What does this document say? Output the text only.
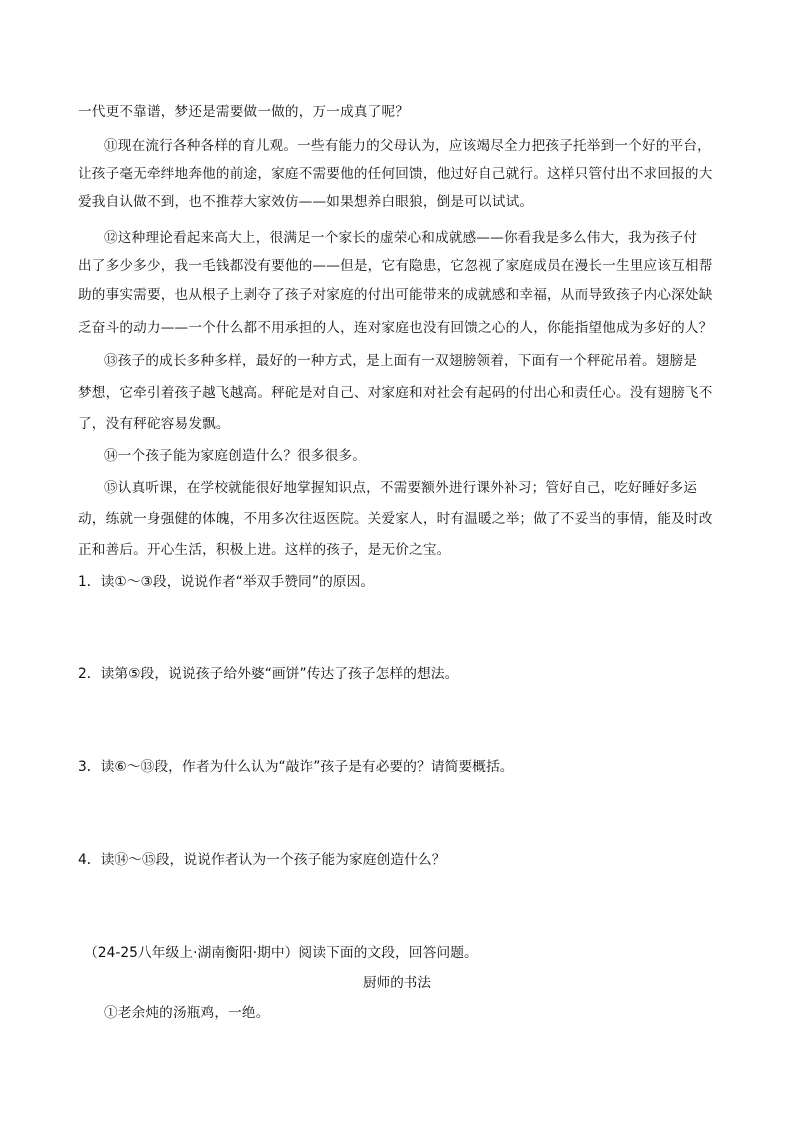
一代更不靠谱，梦还是需要做一做的，万一成真了呢？
⑪现在流行各种各样的育儿观。一些有能力的父母认为，应该竭尽全力把孩子托举到一个好的平台，
让孩子毫无牵绊地奔他的前途，家庭不需要他的任何回馈，他过好自己就行。这样只管付出不求回报的大
爱我自认做不到，也不推荐大家效仿——如果想养白眼狼，倒是可以试试。
⑫这种理论看起来高大上，很满足一个家长的虚荣心和成就感——你看我是多么伟大，我为孩子付
出了多少多少，我一毛钱都没有要他的——但是，它有隐患，它忽视了家庭成员在漫长一生里应该互相帮
助的事实需要，也从根子上剥夺了孩子对家庭的付出可能带来的成就感和幸福，从而导致孩子内心深处缺
乏奋斗的动力——一个什么都不用承担的人，连对家庭也没有回馈之心的人，你能指望他成为多好的人？
⑬孩子的成长多种多样，最好的一种方式，是上面有一双翅膀领着，下面有一个秤砣吊着。翅膀是
梦想，它牵引着孩子越飞越高。秤砣是对自己、对家庭和对社会有起码的付出心和责任心。没有翅膀飞不
了，没有秤砣容易发飘。
⑭一个孩子能为家庭创造什么？很多很多。
⑮认真听课，在学校就能很好地掌握知识点，不需要额外进行课外补习；管好自己，吃好睡好多运
动，练就一身强健的体魄，不用多次往返医院。关爱家人，时有温暖之举；做了不妥当的事情，能及时改
正和善后。开心生活，积极上进。这样的孩子，是无价之宝。
1．读①～③段，说说作者“举双手赞同”的原因。
2．读第⑤段，说说孩子给外婆“画饼”传达了孩子怎样的想法。
3．读⑥～⑬段，作者为什么认为“敲诈”孩子是有必要的？请简要概括。
4．读⑭～⑮段，说说作者认为一个孩子能为家庭创造什么？
（24-25八年级上·湖南衡阳·期中）阅读下面的文段，回答问题。
厨师的书法
①老余炖的汤瓶鸡，一绝。
